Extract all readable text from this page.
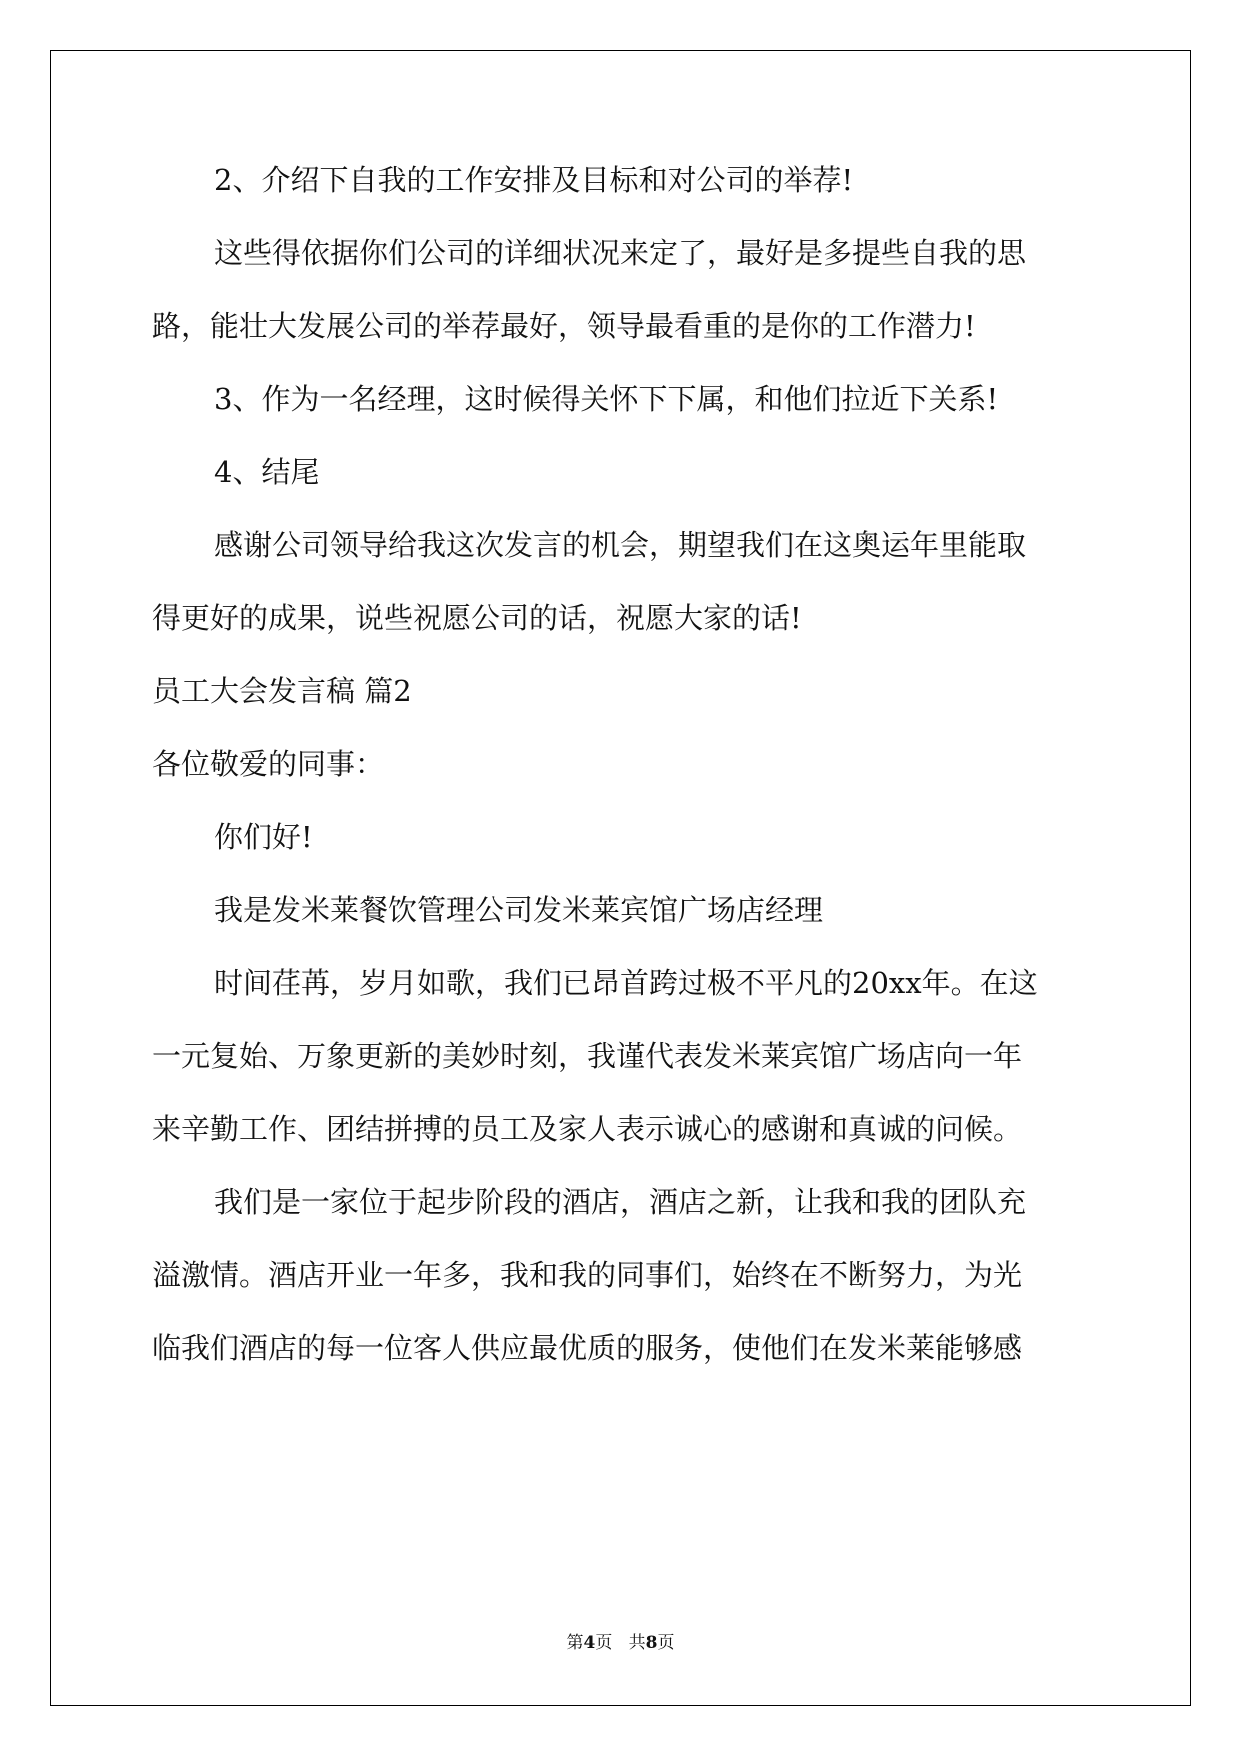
2、介绍下自我的工作安排及目标和对公司的举荐!
这些得依据你们公司的详细状况来定了，最好是多提些自我的思
路，能壮大发展公司的举荐最好，领导最看重的是你的工作潜力!
3、作为一名经理，这时候得关怀下下属，和他们拉近下关系!
4、结尾
感谢公司领导给我这次发言的机会，期望我们在这奥运年里能取
得更好的成果，说些祝愿公司的话，祝愿大家的话!
员工大会发言稿 篇2
各位敬爱的同事：
你们好!
我是发米莱餐饮管理公司发米莱宾馆广场店经理
时间荏苒，岁月如歌，我们已昂首跨过极不平凡的20xx年。在这
一元复始、万象更新的美妙时刻，我谨代表发米莱宾馆广场店向一年
来辛勤工作、团结拼搏的员工及家人表示诚心的感谢和真诚的问候。
我们是一家位于起步阶段的酒店，酒店之新，让我和我的团队充
溢激情。酒店开业一年多，我和我的同事们，始终在不断努力，为光
临我们酒店的每一位客人供应最优质的服务，使他们在发米莱能够感
第4页 共8页
